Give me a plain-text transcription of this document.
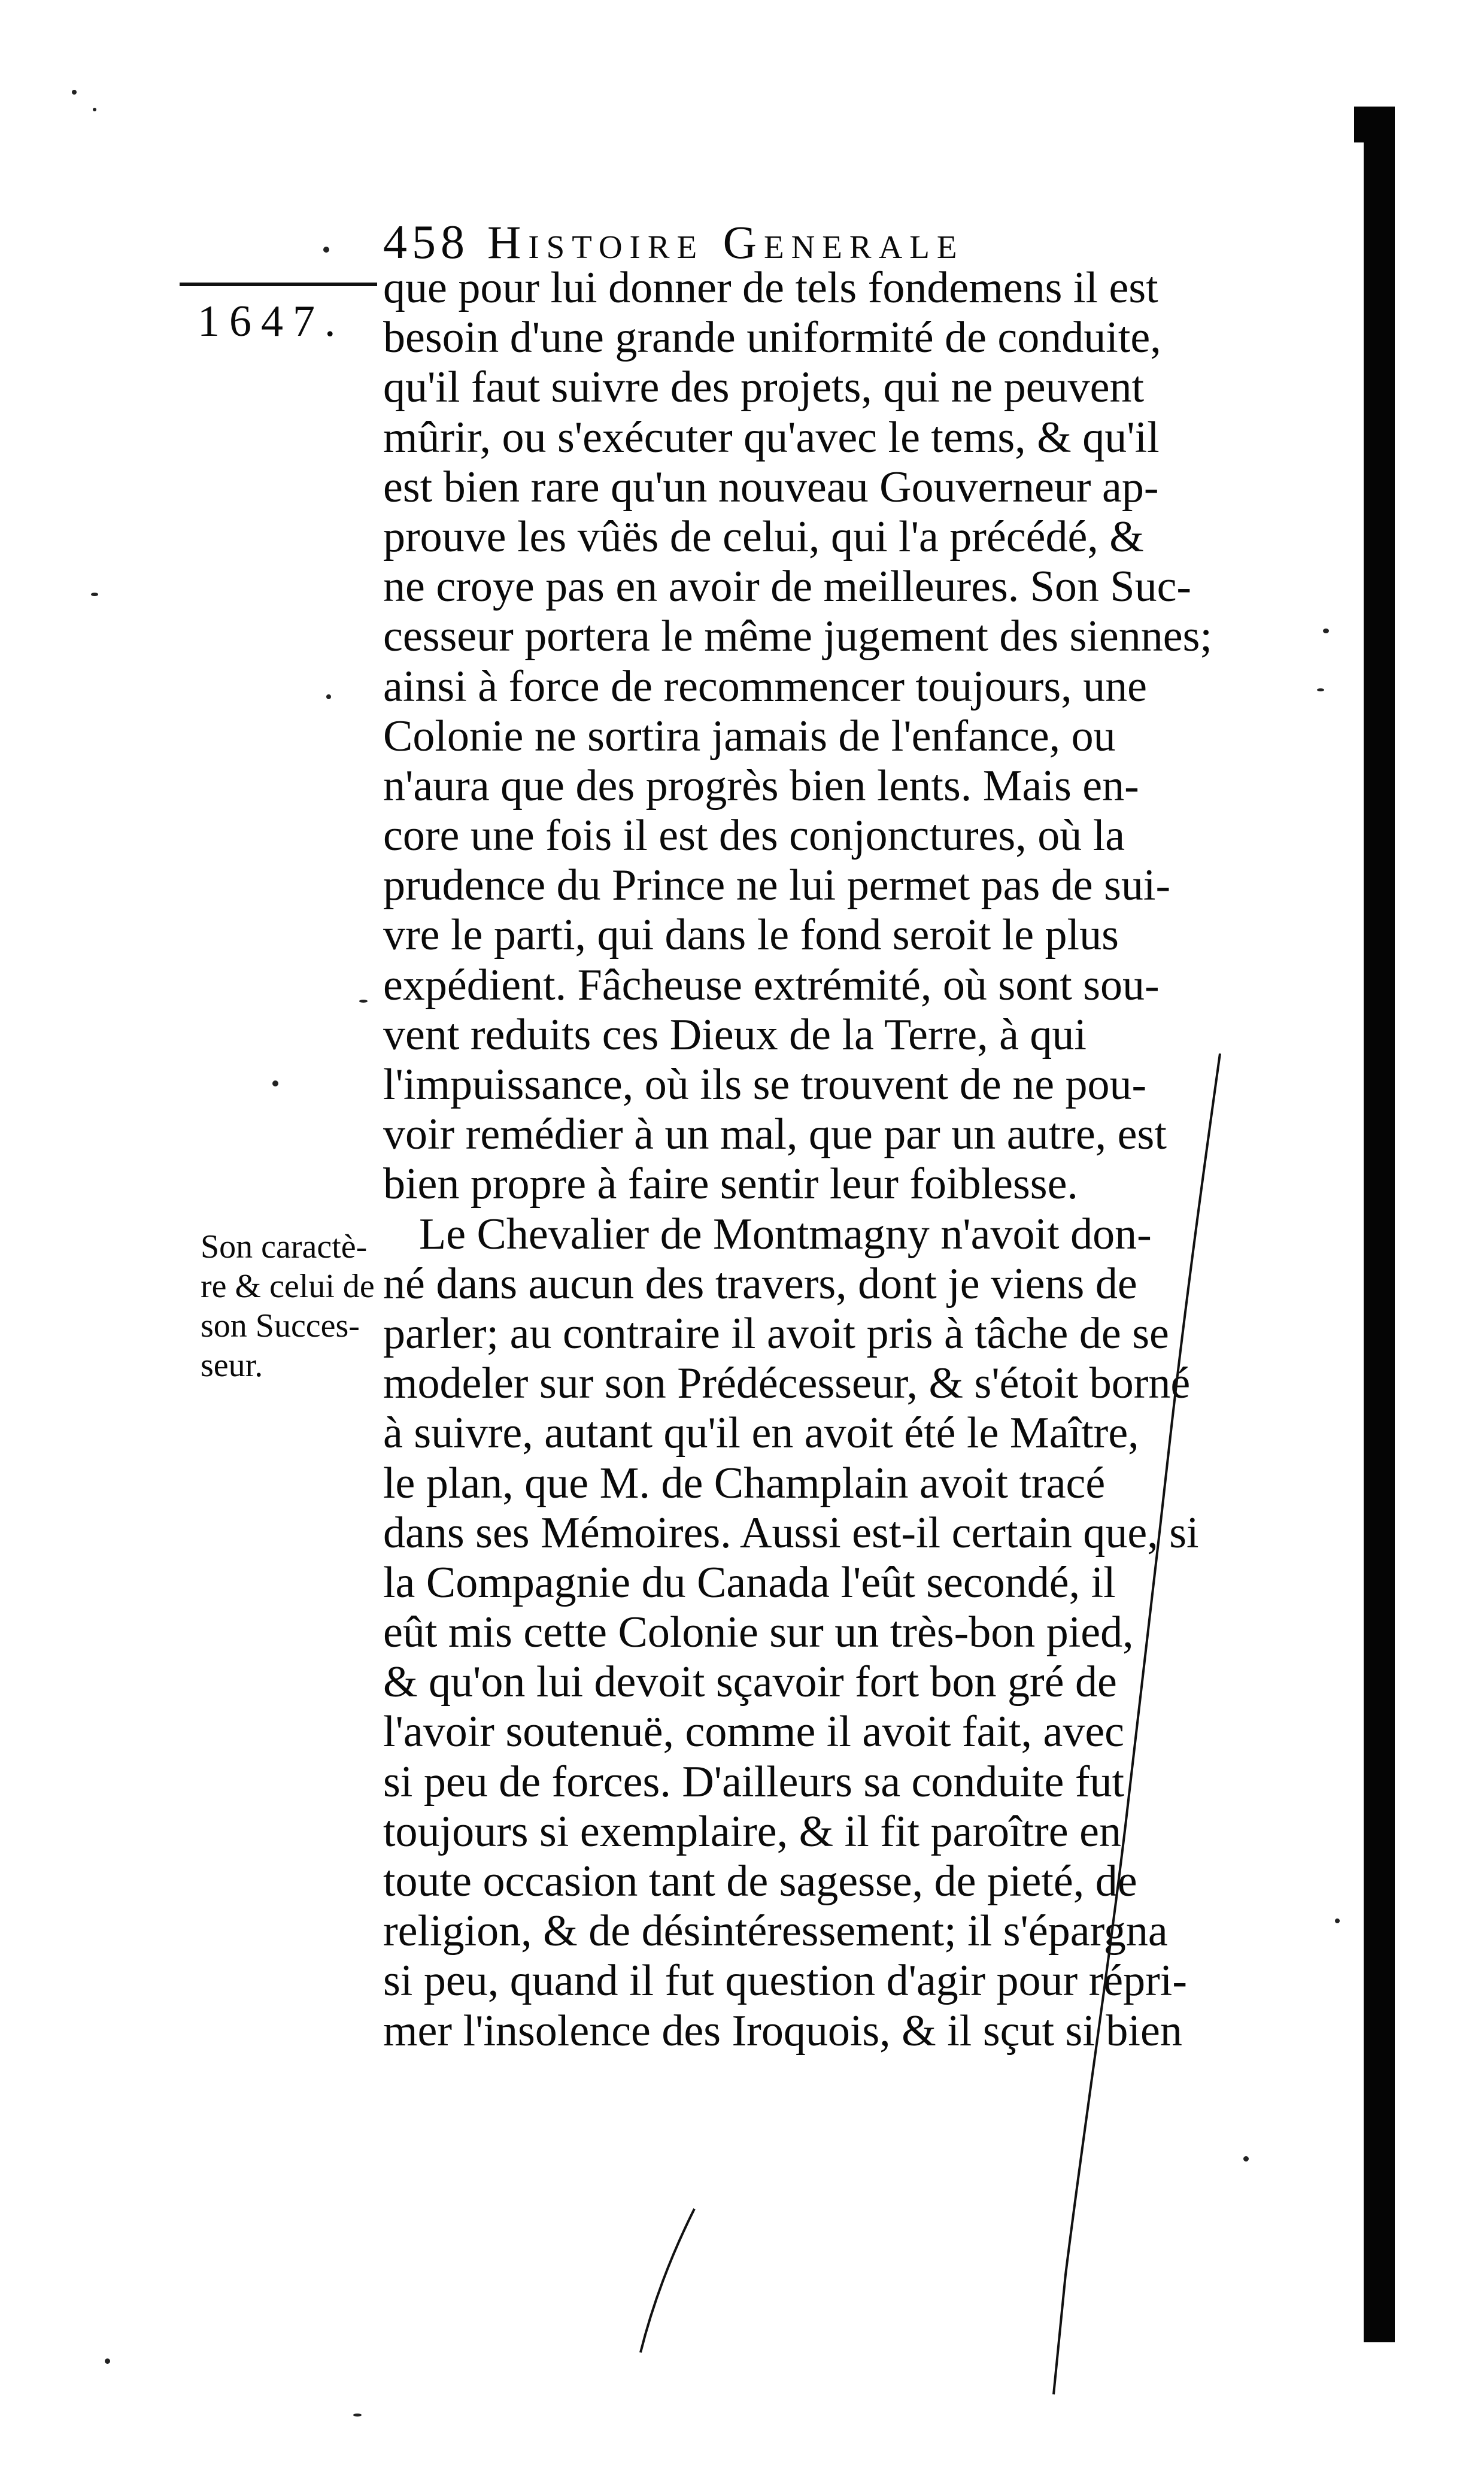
458 Histoire Generale
1647.
que pour lui donner de tels fondemens il est
besoin d'une grande uniformité de conduite,
qu'il faut suivre des projets, qui ne peuvent
mûrir, ou s'exécuter qu'avec le tems, & qu'il
est bien rare qu'un nouveau Gouverneur ap-
prouve les vûës de celui, qui l'a précédé, &
ne croye pas en avoir de meilleures. Son Suc-
cesseur portera le même jugement des siennes;
ainsi à force de recommencer toujours, une
Colonie ne sortira jamais de l'enfance, ou
n'aura que des progrès bien lents. Mais en-
core une fois il est des conjonctures, où la
prudence du Prince ne lui permet pas de sui-
vre le parti, qui dans le fond seroit le plus
expédient. Fâcheuse extrémité, où sont sou-
vent reduits ces Dieux de la Terre, à qui
l'impuissance, où ils se trouvent de ne pou-
voir remédier à un mal, que par un autre, est
bien propre à faire sentir leur foiblesse.
Le Chevalier de Montmagny n'avoit don-
né dans aucun des travers, dont je viens de
parler; au contraire il avoit pris à tâche de se
modeler sur son Prédécesseur, & s'étoit borné
à suivre, autant qu'il en avoit été le Maître,
le plan, que M. de Champlain avoit tracé
dans ses Mémoires. Aussi est-il certain que, si
la Compagnie du Canada l'eût secondé, il
eût mis cette Colonie sur un très-bon pied,
& qu'on lui devoit sçavoir fort bon gré de
l'avoir soutenuë, comme il avoit fait, avec
si peu de forces. D'ailleurs sa conduite fut
toujours si exemplaire, & il fit paroître en
toute occasion tant de sagesse, de pieté, de
religion, & de désintéressement; il s'épargna
si peu, quand il fut question d'agir pour répri-
mer l'insolence des Iroquois, & il sçut si bien
Son caractè-
re & celui de
son Succes-
seur.
